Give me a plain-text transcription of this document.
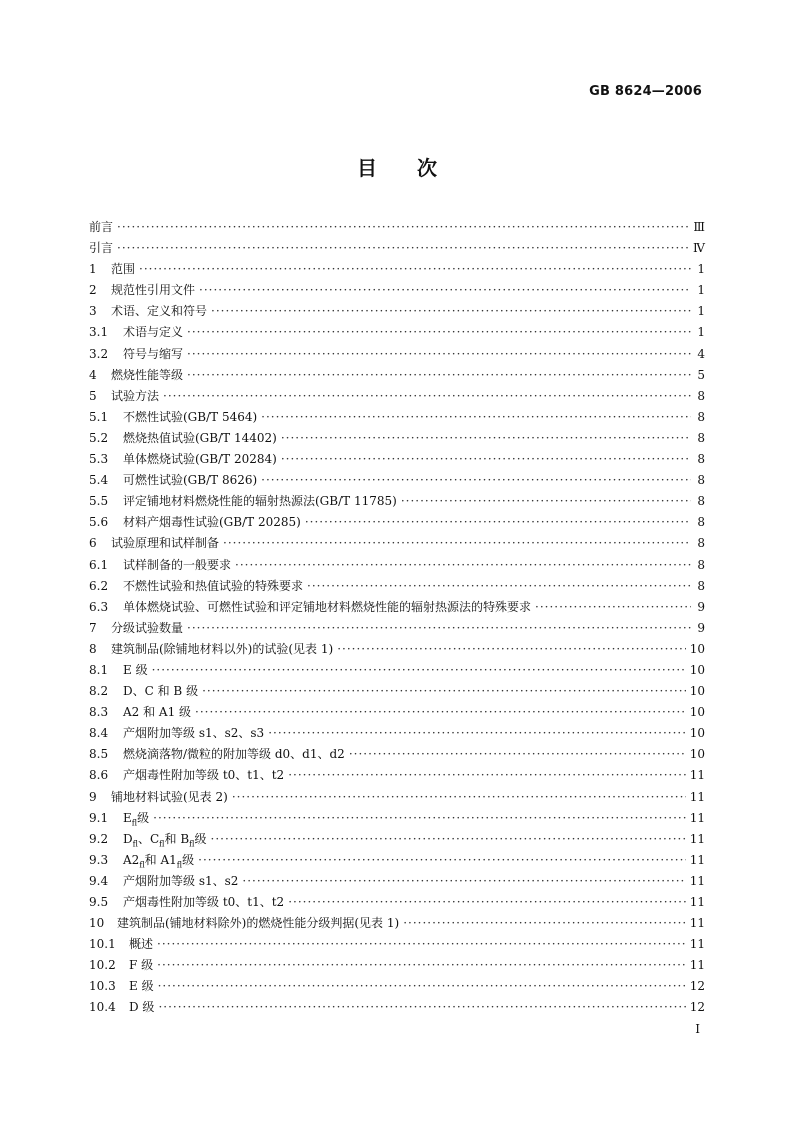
GB 8624—2006
目 次
前言 ·····	Ⅲ
引言 ·····	Ⅳ
1	范围 ·····	1
2	规范性引用文件 ·····	1
3	术语、定义和符号 ·····	1
3.1	术语与定义 ·····	1
3.2	符号与缩写 ·····	4
4	燃烧性能等级 ·····	5
5	试验方法 ·····	8
5.1	不燃性试验(GB/T 5464) ·····	8
5.2	燃烧热值试验(GB/T 14402) ·····	8
5.3	单体燃烧试验(GB/T 20284) ·····	8
5.4	可燃性试验(GB/T 8626) ·····	8
5.5	评定铺地材料燃烧性能的辐射热源法(GB/T 11785) ·····	8
5.6	材料产烟毒性试验(GB/T 20285) ·····	8
6	试验原理和试样制备 ·····	8
6.1	试样制备的一般要求 ·····	8
6.2	不燃性试验和热值试验的特殊要求 ·····	8
6.3	单体燃烧试验、可燃性试验和评定铺地材料燃烧性能的辐射热源法的特殊要求 ·····	9
7	分级试验数量 ·····	9
8	建筑制品(除铺地材料以外)的试验(见表 1) ·····	10
8.1	E 级 ·····	10
8.2	D、C 和 B 级 ·····	10
8.3	A2 和 A1 级 ·····	10
8.4	产烟附加等级 s1、s2、s3 ·····	10
8.5	燃烧滴落物/微粒的附加等级 d0、d1、d2 ·····	10
8.6	产烟毒性附加等级 t0、t1、t2 ·····	11
9	铺地材料试验(见表 2) ·····	11
9.1	$E_{fl}$级 ·····	11
9.2	$D_{fl}$、$C_{fl}$和 $B_{fl}$级 ·····	11
9.3	$A2_{fl}$和 $A1_{fl}$级 ·····	11
9.4	产烟附加等级 s1、s2 ·····	11
9.5	产烟毒性附加等级 t0、t1、t2 ·····	11
10	建筑制品(铺地材料除外)的燃烧性能分级判据(见表 1) ·····	11
10.1	概述 ·····	11
10.2	F 级 ·····	11
10.3	E 级 ·····	12
10.4	D 级 ·····	12
I
